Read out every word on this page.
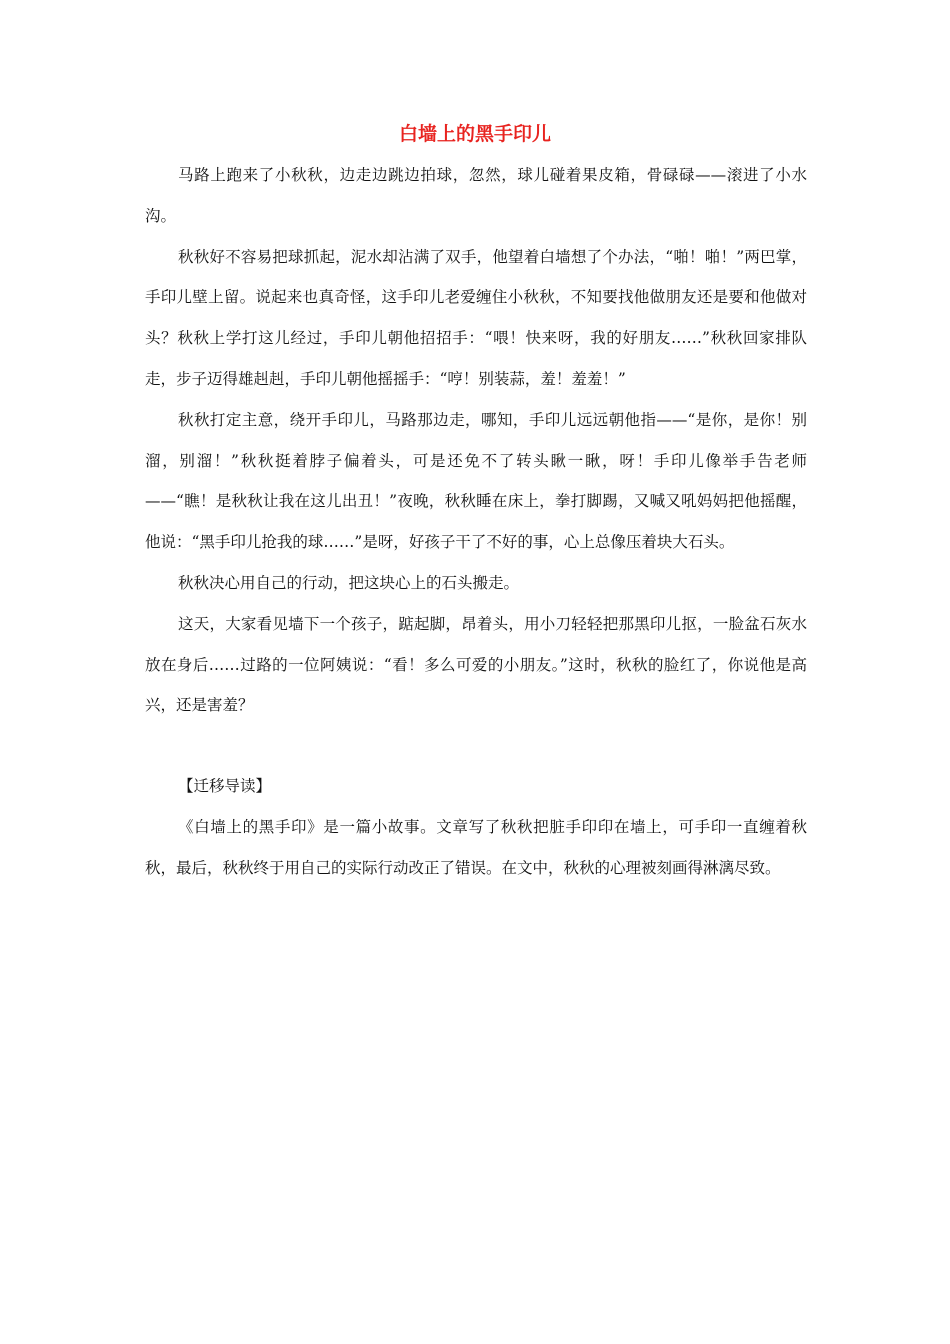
白墙上的黑手印儿

马路上跑来了小秋秋，边走边跳边拍球，忽然，球儿碰着果皮箱，骨碌碌——滚进了小水沟。

秋秋好不容易把球抓起，泥水却沾满了双手，他望着白墙想了个办法，“啪！啪！”两巴掌，手印儿壁上留。说起来也真奇怪，这手印儿老爱缠住小秋秋，不知要找他做朋友还是要和他做对头？秋秋上学打这儿经过，手印儿朝他招招手：“喂！快来呀，我的好朋友……”秋秋回家排队走，步子迈得雄赳赳，手印儿朝他摇摇手：“哼！别装蒜，羞！羞羞！”

秋秋打定主意，绕开手印儿，马路那边走，哪知，手印儿远远朝他指——“是你，是你！别溜，别溜！”秋秋挺着脖子偏着头，可是还免不了转头瞅一瞅，呀！手印儿像举手告老师——“瞧！是秋秋让我在这儿出丑！”夜晚，秋秋睡在床上，拳打脚踢，又喊又吼妈妈把他摇醒，他说：“黑手印儿抢我的球……”是呀，好孩子干了不好的事，心上总像压着块大石头。

秋秋决心用自己的行动，把这块心上的石头搬走。

这天，大家看见墙下一个孩子，踮起脚，昂着头，用小刀轻轻把那黑印儿抠，一脸盆石灰水放在身后……过路的一位阿姨说：“看！多么可爱的小朋友。”这时，秋秋的脸红了，你说他是高兴，还是害羞？

【迁移导读】

《白墙上的黑手印》是一篇小故事。文章写了秋秋把脏手印印在墙上，可手印一直缠着秋秋，最后，秋秋终于用自己的实际行动改正了错误。在文中，秋秋的心理被刻画得淋漓尽致。
